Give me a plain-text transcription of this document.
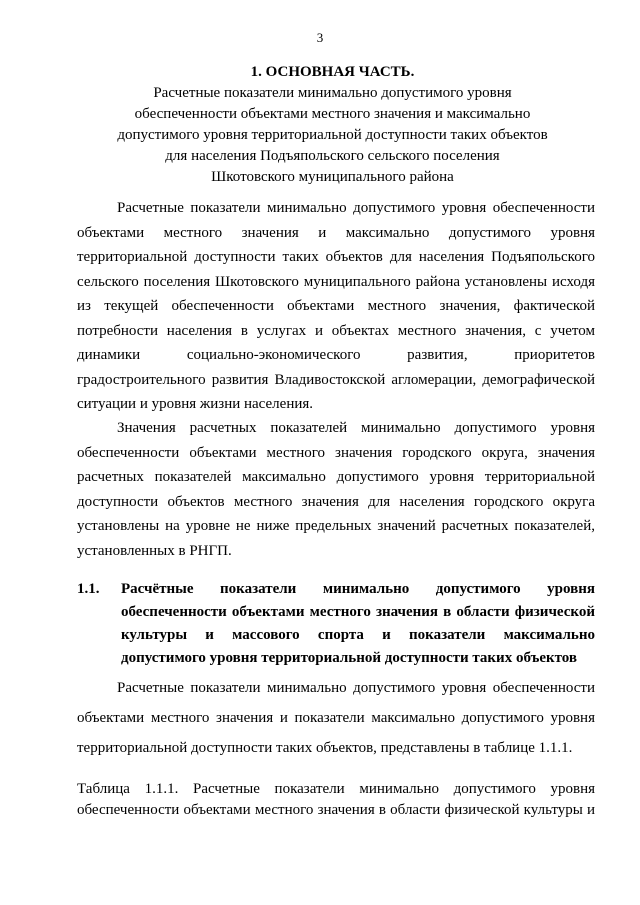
3
1. ОСНОВНАЯ ЧАСТЬ.
Расчетные показатели минимально допустимого уровня
обеспеченности объектами местного значения и максимально
допустимого уровня территориальной доступности таких объектов
для населения Подъяпольского сельского поселения
Шкотовского муниципального района
Расчетные показатели минимально допустимого уровня обеспеченности
объектами местного значения и максимально допустимого уровня
территориальной доступности таких объектов для населения Подъяпольского
сельского поселения Шкотовского муниципального района установлены исходя
из текущей обеспеченности объектами местного значения, фактической
потребности населения в услугах и объектах местного значения, с учетом
динамики социально-экономического развития, приоритетов
градостроительного развития Владивостокской агломерации, демографической
ситуации и уровня жизни населения.
Значения расчетных показателей минимально допустимого уровня
обеспеченности объектами местного значения городского округа, значения
расчетных показателей максимально допустимого уровня территориальной
доступности объектов местного значения для населения городского округа
установлены на уровне не ниже предельных значений расчетных показателей,
установленных в РНГП.
1.1. Расчётные показатели минимально допустимого уровня
обеспеченности объектами местного значения в области физической
культуры и массового спорта и показатели максимально
допустимого уровня территориальной доступности таких объектов
Расчетные показатели минимально допустимого уровня обеспеченности
объектами местного значения и показатели максимально допустимого уровня
территориальной доступности таких объектов, представлены в таблице 1.1.1.
Таблица 1.1.1. Расчетные показатели минимально допустимого уровня
обеспеченности объектами местного значения в области физической культуры и
